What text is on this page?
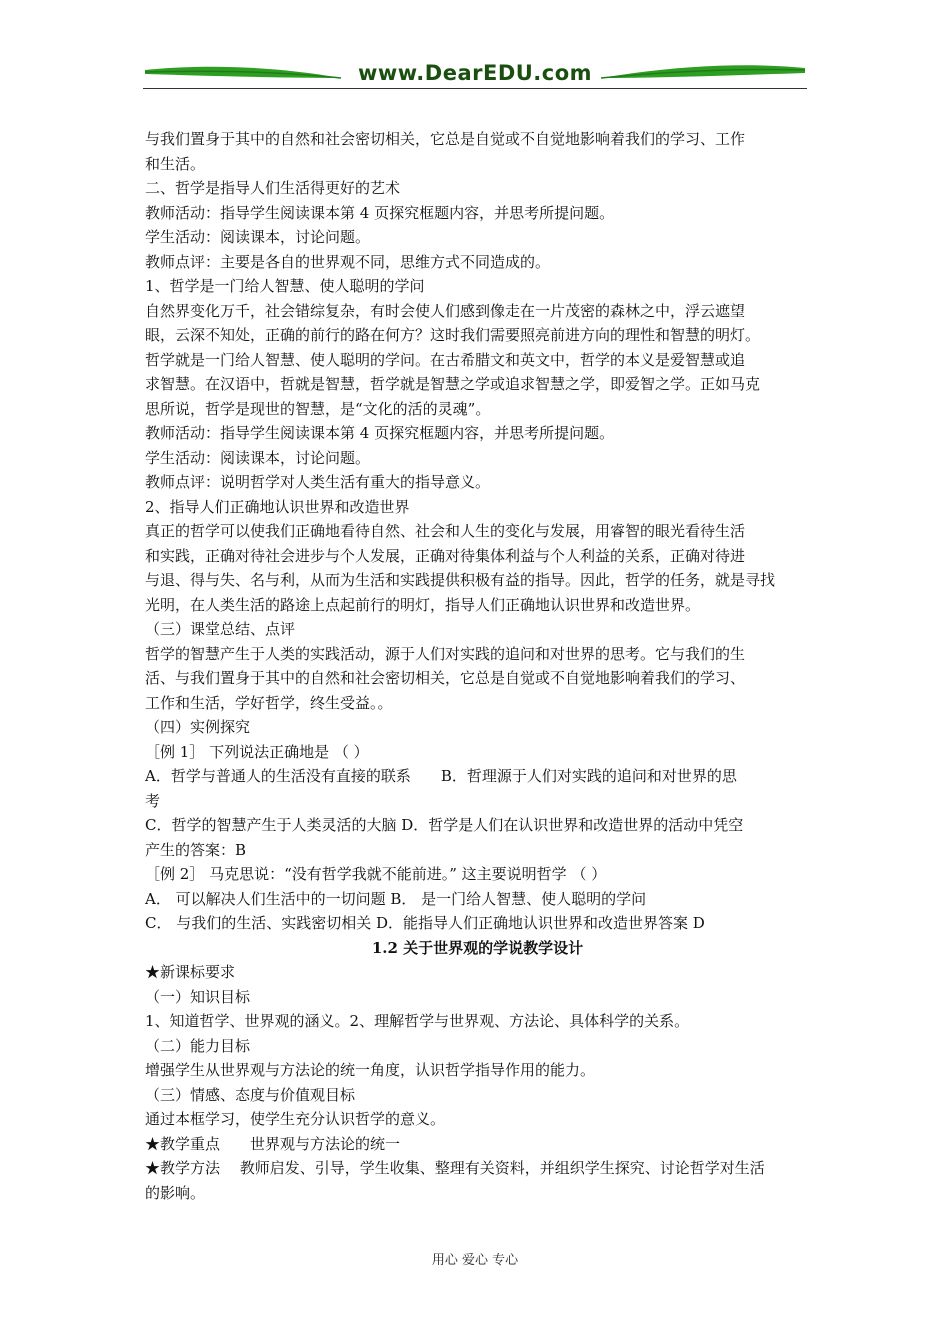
www.DearEDU.com
与我们置身于其中的自然和社会密切相关，它总是自觉或不自觉地影响着我们的学习、工作
和生活。
二、哲学是指导人们生活得更好的艺术
教师活动：指导学生阅读课本第 4 页探究框题内容，并思考所提问题。
学生活动：阅读课本，讨论问题。
教师点评：主要是各自的世界观不同，思维方式不同造成的。
1、哲学是一门给人智慧、使人聪明的学问
自然界变化万千，社会错综复杂，有时会使人们感到像走在一片茂密的森林之中，浮云遮望
眼，云深不知处，正确的前行的路在何方？这时我们需要照亮前进方向的理性和智慧的明灯。
哲学就是一门给人智慧、使人聪明的学问。在古希腊文和英文中，哲学的本义是爱智慧或追
求智慧。在汉语中，哲就是智慧，哲学就是智慧之学或追求智慧之学，即爱智之学。正如马克
思所说，哲学是现世的智慧，是“文化的活的灵魂”。
教师活动：指导学生阅读课本第 4 页探究框题内容，并思考所提问题。
学生活动：阅读课本，讨论问题。
教师点评：说明哲学对人类生活有重大的指导意义。
2、指导人们正确地认识世界和改造世界
真正的哲学可以使我们正确地看待自然、社会和人生的变化与发展，用睿智的眼光看待生活
和实践，正确对待社会进步与个人发展，正确对待集体利益与个人利益的关系，正确对待进
与退、得与失、名与利，从而为生活和实践提供积极有益的指导。因此，哲学的任务，就是寻找
光明，在人类生活的路途上点起前行的明灯，指导人们正确地认识世界和改造世界。
（三）课堂总结、点评
哲学的智慧产生于人类的实践活动，源于人们对实践的追问和对世界的思考。它与我们的生
活、与我们置身于其中的自然和社会密切相关，它总是自觉或不自觉地影响着我们的学习、
工作和生活，学好哲学，终生受益。。
（四）实例探究
［例 1］ 下列说法正确地是 （ ）
A．哲学与普通人的生活没有直接的联系　　B．哲理源于人们对实践的追问和对世界的思
考
C．哲学的智慧产生于人类灵活的大脑 D．哲学是人们在认识世界和改造世界的活动中凭空
产生的答案：B
［例 2］ 马克思说：“没有哲学我就不能前进。” 这主要说明哲学 （ ）
A． 可以解决人们生活中的一切问题 B． 是一门给人智慧、使人聪明的学问
C． 与我们的生活、实践密切相关 D．能指导人们正确地认识世界和改造世界答案 D
1.2 关于世界观的学说教学设计
★新课标要求
（一）知识目标
1、知道哲学、世界观的涵义。2、理解哲学与世界观、方法论、具体科学的关系。
（二）能力目标
增强学生从世界观与方法论的统一角度，认识哲学指导作用的能力。
（三）情感、态度与价值观目标
通过本框学习，使学生充分认识哲学的意义。
★教学重点　　世界观与方法论的统一
★教学方法　 教师启发、引导，学生收集、整理有关资料，并组织学生探究、讨论哲学对生活
的影响。
用心 爱心 专心
